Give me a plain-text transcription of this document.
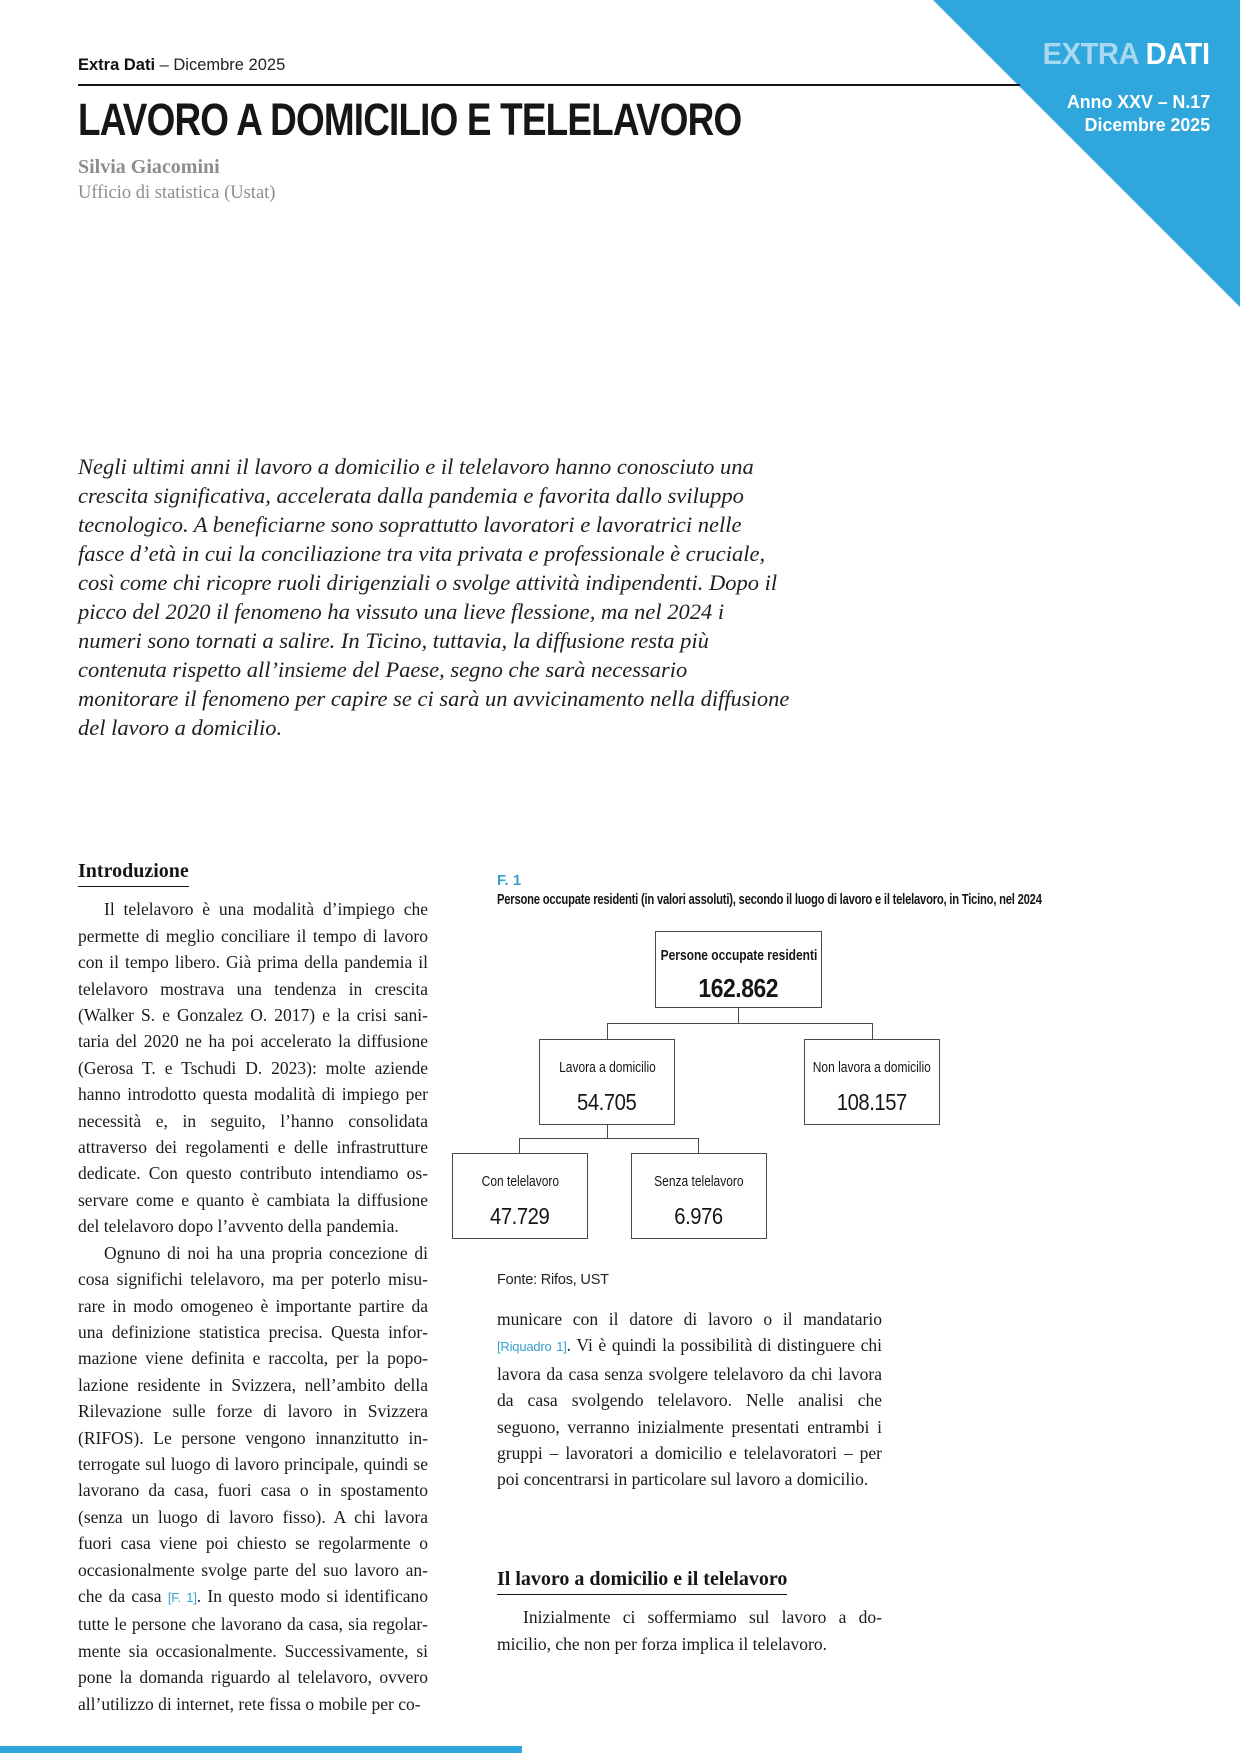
EXTRA DATI
Anno XXV – N.17
Dicembre 2025
Extra Dati – Dicembre 2025
LAVORO A DOMICILIO E TELELAVORO
Silvia Giacomini
Ufficio di statistica (Ustat)
Negli ultimi anni il lavoro a domicilio e il telelavoro hanno conosciuto una crescita significativa, accelerata dalla pandemia e favorita dallo sviluppo tecnologico. A beneficiarne sono soprattutto lavoratori e lavoratrici nelle fasce d’età in cui la conciliazione tra vita privata e professionale è cruciale, così come chi ricopre ruoli dirigenziali o svolge attività indipendenti. Dopo il picco del 2020 il fenomeno ha vissuto una lieve flessione, ma nel 2024 i numeri sono tornati a salire. In Ticino, tuttavia, la diffusione resta più contenuta rispetto all’insieme del Paese, segno che sarà necessario monitorare il fenomeno per capire se ci sarà un avvicinamento nella diffusione del lavoro a domicilio.
Introduzione

Il telelavoro è una modalità d’impiego che permette di meglio conciliare il tempo di lavoro con il tempo libero. Già prima della pandemia il telelavoro mostrava una tendenza in crescita (Walker S. e Gonzalez O. 2017) e la crisi sanitaria del 2020 ne ha poi accelerato la diffusione (Gerosa T. e Tschudi D. 2023): molte aziende hanno introdotto questa modalità di impiego per necessità e, in seguito, l’hanno consolidata attraverso dei regolamenti e delle infrastrutture dedicate. Con questo contributo intendiamo osservare come e quanto è cambiata la diffusione del telelavoro dopo l’avvento della pandemia.

Ognuno di noi ha una propria concezione di cosa significhi telelavoro, ma per poterlo misurare in modo omogeneo è importante partire da una definizione statistica precisa. Questa informazione viene definita e raccolta, per la popolazione residente in Svizzera, nell’ambito della Rilevazione sulle forze di lavoro in Svizzera (RIFOS). Le persone vengono innanzitutto interrogate sul luogo di lavoro principale, quindi se lavorano da casa, fuori casa o in spostamento (senza un luogo di lavoro fisso). A chi lavora fuori casa viene poi chiesto se regolarmente o occasionalmente svolge parte del suo lavoro anche da casa [F. 1]. In questo modo si identificano tutte le persone che lavorano da casa, sia regolarmente sia occasionalmente. Successivamente, si pone la domanda riguardo al telelavoro, ovvero all’utilizzo di internet, rete fissa o mobile per co-

F. 1
Persone occupate residenti (in valori assoluti), secondo il luogo di lavoro e il telelavoro, in Ticino, nel 2024
Persone occupate residenti
162.862
Lavora a domicilio
54.705
Non lavora a domicilio
108.157
Con telelavoro
47.729
Senza telelavoro
6.976
Fonte: Rifos, UST

municare con il datore di lavoro o il mandatario [Riquadro 1]. Vi è quindi la possibilità di distinguere chi lavora da casa senza svolgere telelavoro da chi lavora da casa svolgendo telelavoro. Nelle analisi che seguono, verranno inizialmente presentati entrambi i gruppi – lavoratori a domicilio e telelavoratori – per poi concentrarsi in particolare sul lavoro a domicilio.

Il lavoro a domicilio e il telelavoro

Inizialmente ci soffermiamo sul lavoro a domicilio, che non per forza implica il telelavoro.
